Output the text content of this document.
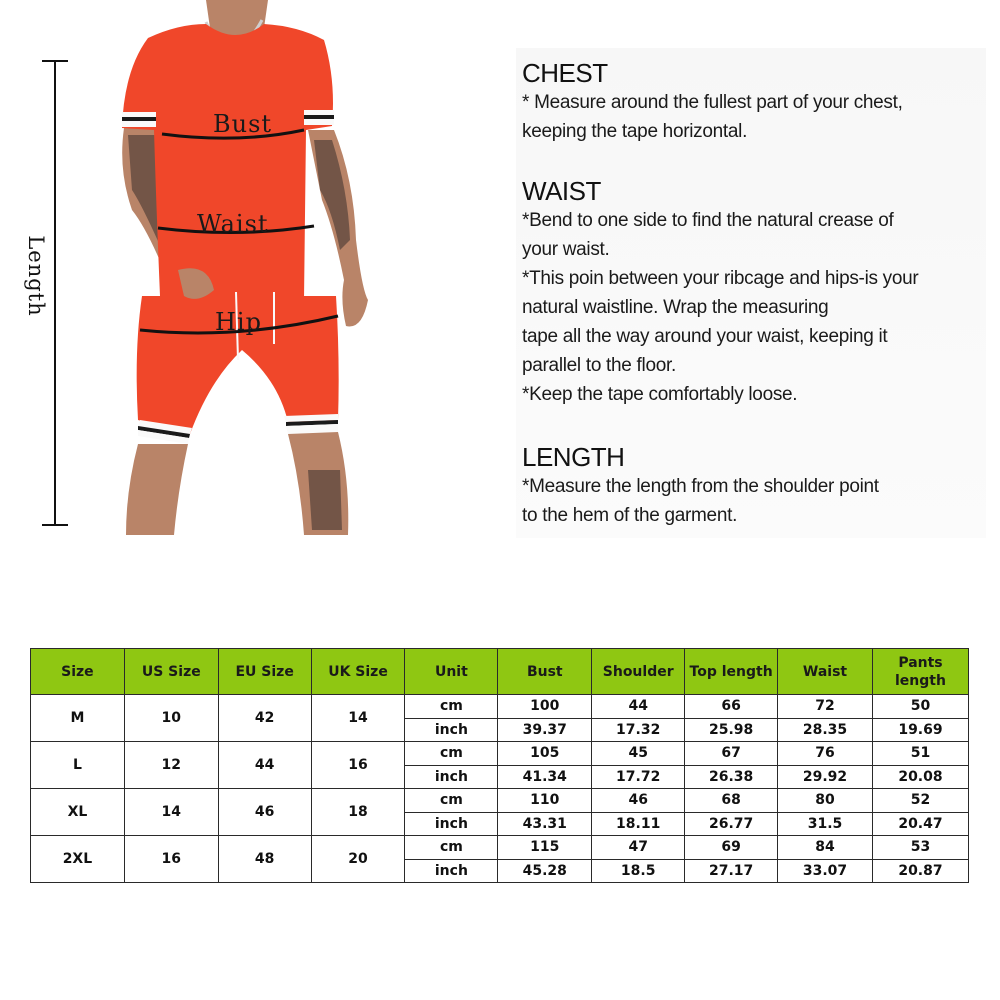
Length
Bust
Waist
Hip
CHEST
* Measure around the fullest part of your chest,
keeping the tape horizontal.
WAIST
*Bend to one side to find the natural crease of
your waist.
*This poin between your ribcage and hips-is your
natural waistline. Wrap the measuring
tape all the way around your waist, keeping it
parallel to the floor.
*Keep the tape comfortably loose.
LENGTH
*Measure the length from the shoulder point
to the hem of the garment.
Size	US Size	EU Size	UK Size	Unit	Bust	Shoulder	Top length	Waist	Pants length
M	10	42	14	cm	100	44	66	72	50
				inch	39.37	17.32	25.98	28.35	19.69
L	12	44	16	cm	105	45	67	76	51
				inch	41.34	17.72	26.38	29.92	20.08
XL	14	46	18	cm	110	46	68	80	52
				inch	43.31	18.11	26.77	31.5	20.47
2XL	16	48	20	cm	115	47	69	84	53
				inch	45.28	18.5	27.17	33.07	20.87
